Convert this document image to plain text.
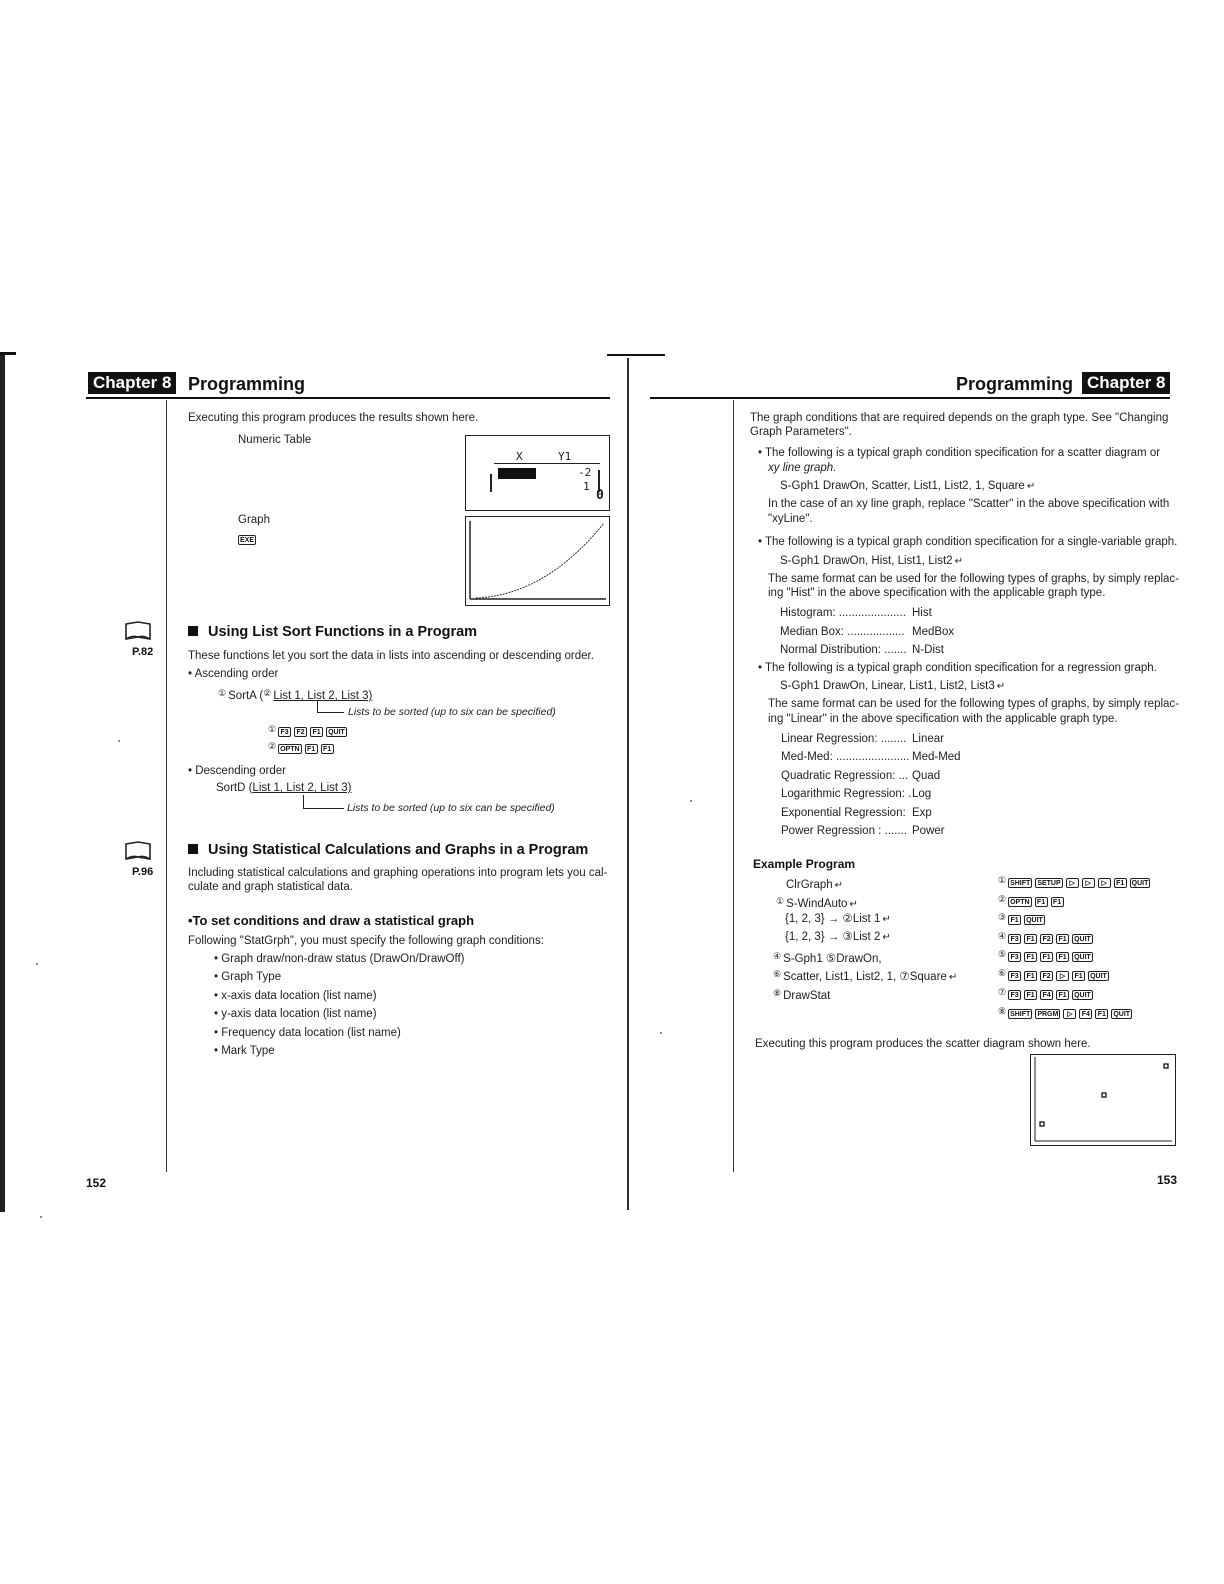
Chapter 8 Programming
Executing this program produces the results shown here.
Numeric Table
X	Y1
-2
1
0
Graph
EXE
P.82
Using List Sort Functions in a Program
These functions let you sort the data in lists into ascending or descending order.
• Ascending order
① SortA (② List 1, List 2, List 3)
Lists to be sorted (up to six can be specified)
① F3 F2 F1 QUIT
② OPTN F1 F1
• Descending order
SortD (List 1, List 2, List 3)
Lists to be sorted (up to six can be specified)
P.96
Using Statistical Calculations and Graphs in a Program
Including statistical calculations and graphing operations into program lets you cal-
culate and graph statistical data.
•To set conditions and draw a statistical graph
Following "StatGrph", you must specify the following graph conditions:
• Graph draw/non-draw status (DrawOn/DrawOff)
• Graph Type
• x-axis data location (list name)
• y-axis data location (list name)
• Frequency data location (list name)
• Mark Type
152
Programming Chapter 8
The graph conditions that are required depends on the graph type. See "Changing
Graph Parameters".
• The following is a typical graph condition specification for a scatter diagram or
xy line graph.
S-Gph1 DrawOn, Scatter, List1, List2, 1, Square ↵
In the case of an xy line graph, replace "Scatter" in the above specification with
"xyLine".
• The following is a typical graph condition specification for a single-variable graph.
S-Gph1 DrawOn, Hist, List1, List2 ↵
The same format can be used for the following types of graphs, by simply replac-
ing "Hist" in the above specification with the applicable graph type.
Histogram: ..................... Hist
Median Box: .................. MedBox
Normal Distribution: ....... N-Dist
• The following is a typical graph condition specification for a regression graph.
S-Gph1 DrawOn, Linear, List1, List2, List3 ↵
The same format can be used for the following types of graphs, by simply replac-
ing "Linear" in the above specification with the applicable graph type.
Linear Regression: ........ Linear
Med-Med: ....................... Med-Med
Quadratic Regression: ... Quad
Logarithmic Regression: . Log
Exponential Regression: Exp
Power Regression : ....... Power
Example Program
ClrGraph ↵
① S-WindAuto ↵
{1, 2, 3} → ②List 1 ↵
{1, 2, 3} → ③List 2 ↵
④ S-Gph1 ⑤DrawOn,
⑥ Scatter, List1, List2, 1, ⑦Square ↵
⑧ DrawStat
① SHIFT SETUP ▷ ▷ ▷ F1 QUIT
② OPTN F1 F1
③ F1 QUIT
④ F3 F1 F2 F1 QUIT
⑤ F3 F1 F1 F1 QUIT
⑥ F3 F1 F2 ▷ F1 QUIT
⑦ F3 F1 F4 F1 QUIT
⑧ SHIFT PRGM ▷ F4 F1 QUIT
Executing this program produces the scatter diagram shown here.
153
